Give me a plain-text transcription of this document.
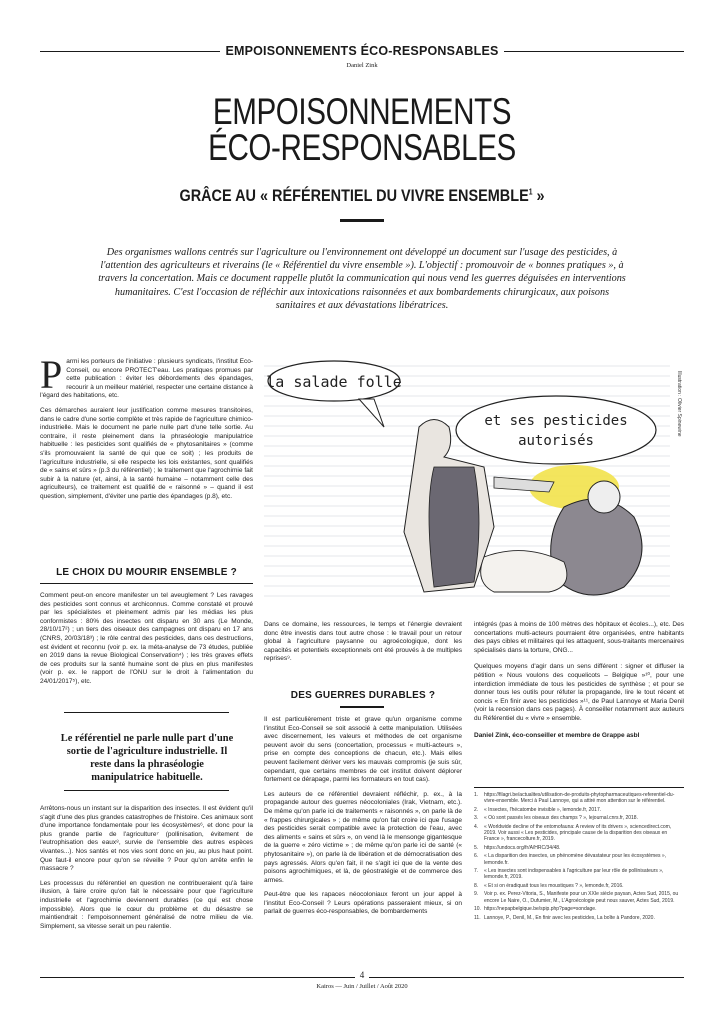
EMPOISONNEMENTS ÉCO-RESPONSABLES
Daniel Zink
EMPOISONNEMENTS
ÉCO-RESPONSABLES
GRÂCE AU « RÉFÉRENTIEL DU VIVRE ENSEMBLE$^1$ »
Des organismes wallons centrés sur l'agriculture ou l'environnement ont développé un document sur l'usage des pesticides, à l'attention des agriculteurs et riverains (le « Référentiel du vivre ensemble »). L'objectif : promouvoir de « bonnes pratiques », à travers la concertation. Mais ce document rappelle plutôt la communication qui nous vend les guerres déguisées en interventions humanitaires. C'est l'occasion de réfléchir aux intoxications raisonnées et aux bombardements chirurgicaux, aux poisons sanitaires et aux dévastations libératrices.
la salade folle
et ses pesticides
autorisés
Illustration : Olivier Spinewine

Parmi les porteurs de l'initiative : plusieurs syndicats, l'institut Eco-Conseil, ou encore PROTECT'eau. Les pratiques promues par cette publication : éviter les débordements des épandages, recourir à un meilleur matériel, respecter une certaine distance à l'égard des habitations, etc.

Ces démarches auraient leur justification comme mesures transitoires, dans le cadre d'une sortie complète et très rapide de l'agriculture chimico-industrielle. Mais le document ne parle nulle part d'une telle sortie. Au contraire, il reste pleinement dans la phraséologie manipulatrice habituelle : les pesticides sont qualifiés de « phytosanitaires » (comme s'ils promouvaient la santé de qui que ce soit) ; les produits de l'agriculture industrielle, si elle respecte les lois existantes, sont qualifiés de « sains et sûrs » (p.3 du référentiel) ; le traitement que l'agrochimie fait subir à la nature (et, ainsi, à la santé humaine – notamment celle des agriculteurs), ce traitement est qualifié de « raisonné » – quand il est question, simplement, d'éviter une partie des épandages (p.8), etc.

LE CHOIX DU MOURIR ENSEMBLE ?

Comment peut-on encore manifester un tel aveuglement ? Les ravages des pesticides sont connus et archiconnus. Comme constaté et prouvé par les spécialistes et pleinement admis par les médias les plus conformistes : 80% des insectes ont disparu en 30 ans (Le Monde, 28/10/17²) ; un tiers des oiseaux des campagnes ont disparu en 17 ans (CNRS, 20/03/18³) ; le rôle central des pesticides, dans ces destructions, est évident et reconnu (voir p. ex. la méta-analyse de 73 études, publiée en 2019 dans la revue Biological Conservation⁴) ; les très graves effets de ces produits sur la santé humaine sont de plus en plus manifestes (voir p. ex. le rapport de l'ONU sur le droit à l'alimentation du 24/01/2017⁵), etc.

Le référentiel ne parle nulle part d'une sortie de l'agriculture industrielle. Il reste dans la phraséologie manipulatrice habituelle.

Arrêtons-nous un instant sur la disparition des insectes. Il est évident qu'il s'agit d'une des plus grandes catastrophes de l'histoire. Ces animaux sont d'une importance fondamentale pour les écosystèmes⁶, et donc pour la plus grande partie de l'agriculture⁷ (pollinisation, évitement de l'eutrophisation des eaux⁸, survie de l'ensemble des autres espèces vivantes...). Nos santés et nos vies sont donc en jeu, au plus haut point. Que faut-il encore pour qu'on se réveille ? Pour qu'on arrête enfin le massacre ?

Les processus du référentiel en question ne contribueraient qu'à faire illusion, à faire croire qu'on fait le nécessaire pour que l'agriculture industrielle et l'agrochimie deviennent durables (ce qui est chose impossible). Alors que le cœur du problème et du désastre se maintiendrait : l'empoisonnement généralisé de notre milieu de vie. Simplement, sa vitesse serait un peu ralentie.

Dans ce domaine, les ressources, le temps et l'énergie devraient donc être investis dans tout autre chose : le travail pour un retour global à l'agriculture paysanne ou agroécologique, dont les capacités et potentiels exceptionnels ont été prouvés à de multiples reprises⁹.

DES GUERRES DURABLES ?

Il est particulièrement triste et grave qu'un organisme comme l'institut Eco-Conseil se soit associé à cette manipulation. Utilisées avec discernement, les valeurs et méthodes de cet organisme peuvent avoir du sens (concertation, processus « multi-acteurs », prise en compte des conceptions de chacun, etc.). Mais elles peuvent facilement dériver vers les mauvais compromis (je suis sûr, cependant, que certains membres de cet institut doivent déplorer fortement ce dérapage, parmi les formateurs en tout cas).

Les auteurs de ce référentiel devraient réfléchir, p. ex., à la propagande autour des guerres néocoloniales (Irak, Vietnam, etc.). De même qu'on parle ici de traitements « raisonnés », on parle là de « frappes chirurgicales » ; de même qu'on fait croire ici que l'usage des pesticides serait compatible avec la protection de l'eau, avec des aliments « sains et sûrs », on vend là le mensonge gigantesque de la guerre « zéro victime » ; de même qu'on parle ici de santé (« phytosanitaire »), on parle là de libération et de démocratisation des pays agressés. Alors qu'en fait, il ne s'agit ici que de la vente des poisons agrochimiques, et là, de géostratégie et de commerce des armes.

Peut-être que les rapaces néocoloniaux feront un jour appel à l'institut Eco-Conseil ? Leurs opérations passeraient mieux, si on parlait de guerres éco-responsables, de bombardements

intégrés (pas à moins de 100 mètres des hôpitaux et écoles...), etc. Des concertations multi-acteurs pourraient être organisées, entre habitants des pays cibles et militaires qui les attaquent, sous-traitants mercenaires spécialisés dans la torture, ONG...

Quelques moyens d'agir dans un sens différent : signer et diffuser la pétition « Nous voulons des coquelicots – Belgique »¹⁰, pour une interdiction immédiate de tous les pesticides de synthèse ; et pour se donner tous les outils pour réfuter la propagande, lire le tout récent et concis « En finir avec les pesticides »¹¹, de Paul Lannoye et Maria Denil (voir la recension dans ces pages). À conseiller notamment aux auteurs du Référentiel du « vivre » ensemble.

Daniel Zink, éco-conseiller et membre de Grappe asbl

1.	https://filagri.be/actualites/utilisation-de-produits-phytopharmaceutiques-referentiel-du-vivre-ensemble. Merci à Paul Lannoye, qui a attiré mon attention sur le référentiel.
2.	« Insectes, l'hécatombe invisible », lemonde.fr, 2017.
3.	« Où sont passés les oiseaux des champs ? », lejournal.cnrs.fr, 2018.
4.	« Worldwide decline of the entomofauna: A review of its drivers », sciencedirect.com, 2019. Voir aussi « Les pesticides, principale cause de la disparition des oiseaux en France », francecolture.fr, 2019.
5.	https://undocs.org/fr/A/HRC/34/48.
6.	« La disparition des insectes, un phénomène dévastateur pour les écosystèmes », lemonde.fr.
7.	« Les insectes sont indispensables à l'agriculture par leur rôle de pollinisateurs », lemonde.fr, 2019.
8.	« Et si on éradiquait tous les moustiques ? », lemonde.fr, 2016.
9.	Voir p. ex. Perez-Vitoria, S., Manifeste pour un XXIe siècle paysan, Actes Sud, 2015, ou encore Le Naire, O., Dufumier, M., L'Agroécologie peut nous sauver, Actes Sud, 2019.
10. https://nepapbelgique.be/spip.php?page=sondage.
11. Lannoye, P., Denil, M., En finir avec les pesticides, La boîte à Pandore, 2020.
4
Kairos — Juin / Juillet / Août 2020
